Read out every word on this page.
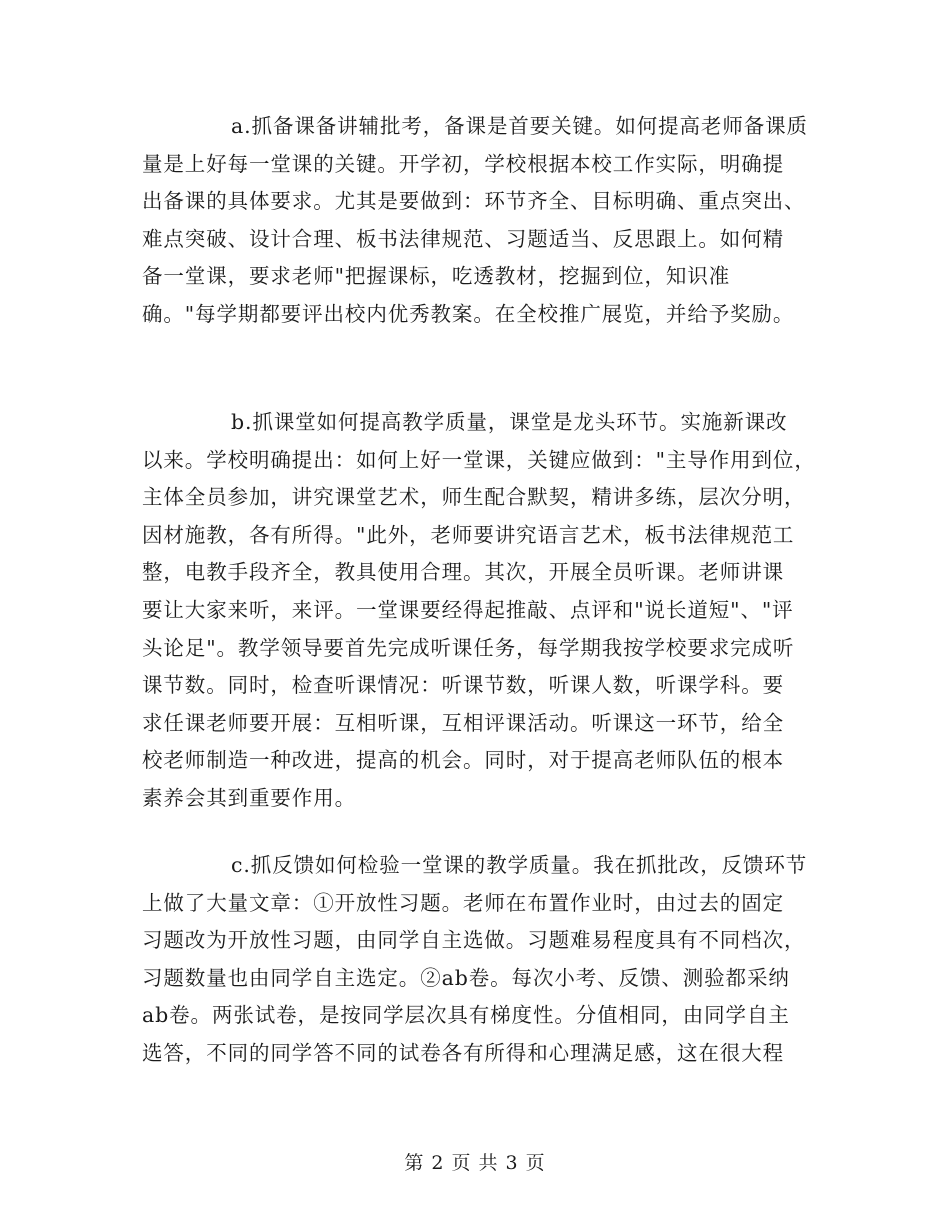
a.抓备课备讲辅批考，备课是首要关键。如何提高老师备课质
量是上好每一堂课的关键。开学初，学校根据本校工作实际，明确提
出备课的具体要求。尤其是要做到：环节齐全、目标明确、重点突出、
难点突破、设计合理、板书法律规范、习题适当、反思跟上。如何精
备一堂课，要求老师"把握课标，吃透教材，挖掘到位，知识准
确。"每学期都要评出校内优秀教案。在全校推广展览，并给予奖励。
b.抓课堂如何提高教学质量，课堂是龙头环节。实施新课改
以来。学校明确提出：如何上好一堂课，关键应做到："主导作用到位，
主体全员参加，讲究课堂艺术，师生配合默契，精讲多练，层次分明，
因材施教，各有所得。"此外，老师要讲究语言艺术，板书法律规范工
整，电教手段齐全，教具使用合理。其次，开展全员听课。老师讲课
要让大家来听，来评。一堂课要经得起推敲、点评和"说长道短"、"评
头论足"。教学领导要首先完成听课任务，每学期我按学校要求完成听
课节数。同时，检查听课情况：听课节数，听课人数，听课学科。要
求任课老师要开展：互相听课，互相评课活动。听课这一环节，给全
校老师制造一种改进，提高的机会。同时，对于提高老师队伍的根本
素养会其到重要作用。
c.抓反馈如何检验一堂课的教学质量。我在抓批改，反馈环节
上做了大量文章：①开放性习题。老师在布置作业时，由过去的固定
习题改为开放性习题，由同学自主选做。习题难易程度具有不同档次，
习题数量也由同学自主选定。②ab卷。每次小考、反馈、测验都采纳
ab卷。两张试卷，是按同学层次具有梯度性。分值相同，由同学自主
选答，不同的同学答不同的试卷各有所得和心理满足感，这在很大程
第 2 页 共 3 页
